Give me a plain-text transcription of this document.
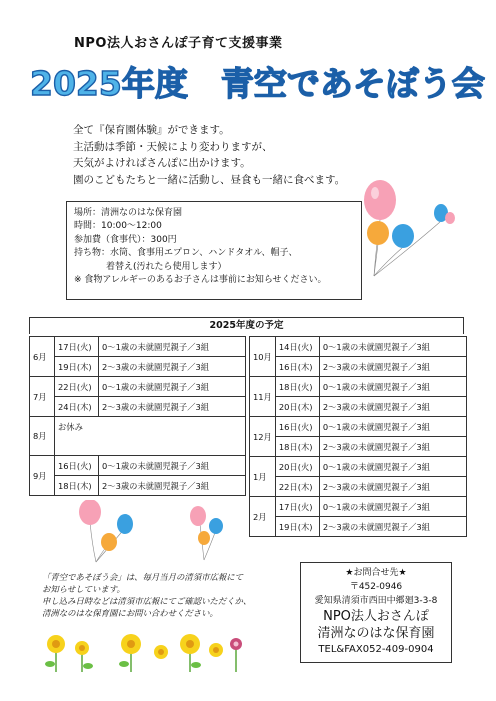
NPO法人おさんぽ子育て支援事業
2025年度　青空であそぼう会
全て『保育園体験』ができます。
主活動は季節・天候により変わりますが、
天気がよければさんぽに出かけます。
園のこどもたちと一緒に活動し、昼食も一緒に食べます。
場所：清洲なのはな保育園
時間：10:00～12:00
参加費（食事代）：300円
持ち物：水筒、食事用エプロン、ハンドタオル、帽子、
着替え(汚れたら使用します）
※ 食物アレルギーのあるお子さんは事前にお知らせください。
2025年度の予定
6月	17日(火)	0～1歳の未就園児親子／3組
	19日(木)	2～3歳の未就園児親子／3組
7月	22日(火)	0～1歳の未就園児親子／3組
	24日(木)	2～3歳の未就園児親子／3組
8月	お休み	
9月	16日(火)	0～1歳の未就園児親子／3組
	18日(木)	2～3歳の未就園児親子／3組
10月	14日(火)	0～1歳の未就園児親子／3組
	16日(木)	2～3歳の未就園児親子／3組
11月	18日(火)	0～1歳の未就園児親子／3組
	20日(木)	2～3歳の未就園児親子／3組
12月	16日(火)	0～1歳の未就園児親子／3組
	18日(木)	2～3歳の未就園児親子／3組
1月	20日(火)	0～1歳の未就園児親子／3組
	22日(木)	2～3歳の未就園児親子／3組
2月	17日(火)	0～1歳の未就園児親子／3組
	19日(木)	2～3歳の未就園児親子／3組
「青空であそぼう会」は、毎月当月の清須市広報にて
お知らせしています。
申し込み日時などは清須市広報にてご確認いただくか、
清洲なのはな保育園にお問い合わせください。
★お問合せ先★
〒452-0946
愛知県清須市西田中郷廻3-3-8
NPO法人おさんぽ
清洲なのはな保育園
TEL&FAX052-409-0904
